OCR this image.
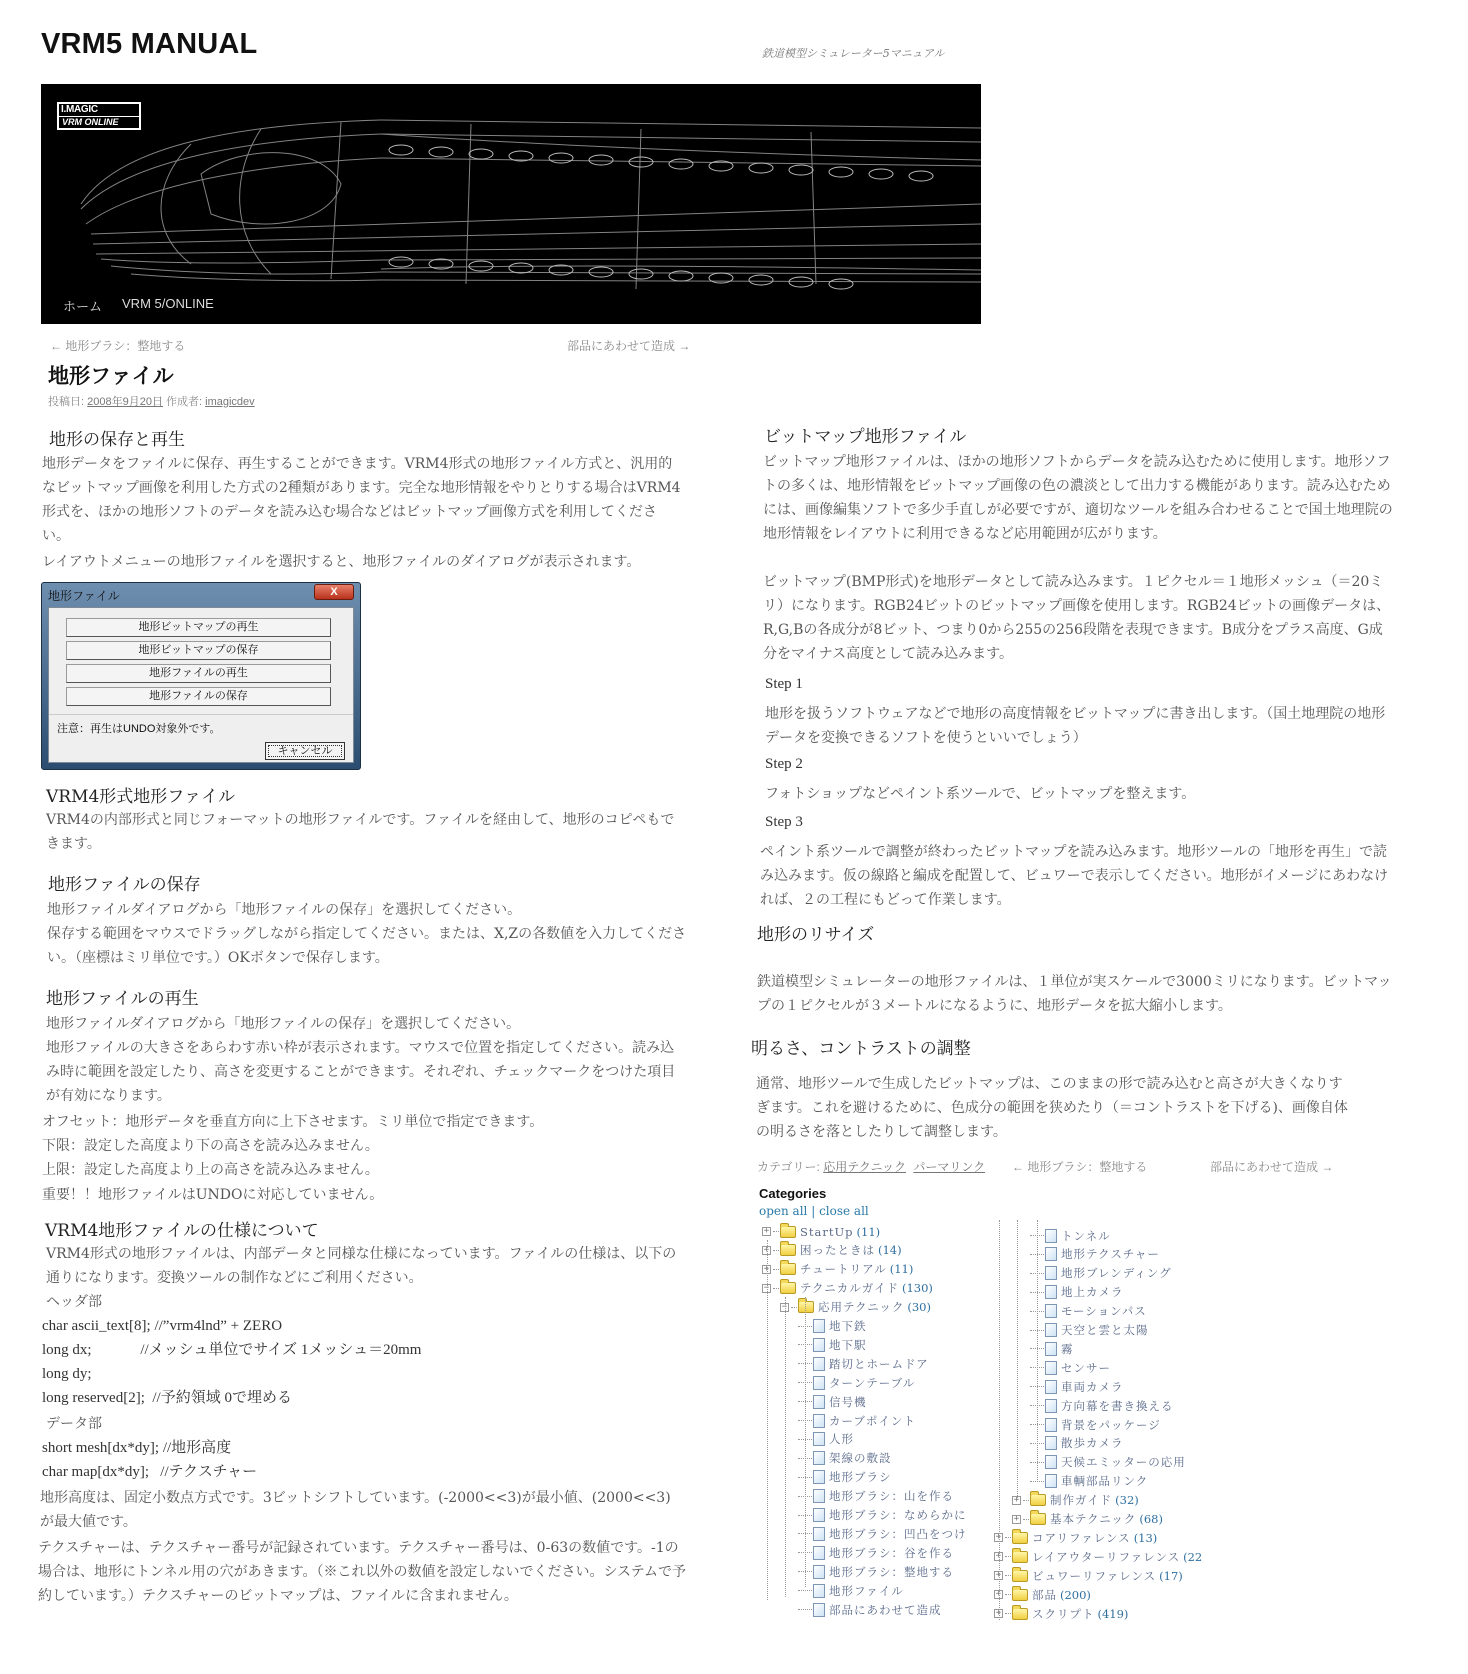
VRM5 MANUAL	鉄道模型シミュレーター5マニュアル
I.MAGIC
VRM ONLINE
ホーム VRM 5/ONLINE
← 地形ブラシ：整地する	部品にあわせて造成 →
地形ファイル
投稿日: 2008年9月20日 作成者: imagicdev
地形の保存と再生

地形データをファイルに保存、再生することができます。VRM4形式の地形ファイル方式と、汎用的なビットマップ画像を利用した方式の2種類があります。完全な地形情報をやりとりする場合はVRM4形式を、ほかの地形ソフトのデータを読み込む場合などはビットマップ画像方式を利用してください。

レイアウトメニューの地形ファイルを選択すると、地形ファイルのダイアログが表示されます。

地形ファイル	X
地形ビットマップの再生
地形ビットマップの保存
地形ファイルの再生
地形ファイルの保存
注意：再生はUNDO対象外です。
キャンセル
VRM4形式地形ファイル

VRM4の内部形式と同じフォーマットの地形ファイルです。ファイルを経由して、地形のコピペもできます。

地形ファイルの保存

地形ファイルダイアログから「地形ファイルの保存」を選択してください。

保存する範囲をマウスでドラッグしながら指定してください。または、X,Zの各数値を入力してください。（座標はミリ単位です。）OKボタンで保存します。

地形ファイルの再生

地形ファイルダイアログから「地形ファイルの保存」を選択してください。

地形ファイルの大きさをあらわす赤い枠が表示されます。マウスで位置を指定してください。読み込み時に範囲を設定したり、高さを変更することができます。それぞれ、チェックマークをつけた項目が有効になります。

オフセット：地形データを垂直方向に上下させます。ミリ単位で指定できます。

下限：設定した高度より下の高さを読み込みません。

上限：設定した高度より上の高さを読み込みません。

重要！！地形ファイルはUNDOに対応していません。

VRM4地形ファイルの仕様について

VRM4形式の地形ファイルは、内部データと同様な仕様になっています。ファイルの仕様は、以下の通りになります。変換ツールの制作などにご利用ください。

ヘッダ部
char ascii_text[8]; //”vrm4lnd” + ZERO
long dx;             //メッシュ単位でサイズ 1メッシュ＝20mm
long dy;
long reserved[2];  //予約領域 0で埋める
データ部
short mesh[dx*dy]; //地形高度
char map[dx*dy];   //テクスチャー

地形高度は、固定小数点方式です。3ビットシフトしています。(-2000<<3)が最小値、(2000<<3)が最大値です。

テクスチャーは、テクスチャー番号が記録されています。テクスチャー番号は、0-63の数値です。-1の場合は、地形にトンネル用の穴があきます。（※これ以外の数値を設定しないでください。システムで予約しています。）テクスチャーのビットマップは、ファイルに含まれません。

ビットマップ地形ファイル

ビットマップ地形ファイルは、ほかの地形ソフトからデータを読み込むために使用します。地形ソフトの多くは、地形情報をビットマップ画像の色の濃淡として出力する機能があります。読み込むためには、画像編集ソフトで多少手直しが必要ですが、適切なツールを組み合わせることで国土地理院の地形情報をレイアウトに利用できるなど応用範囲が広がります。

ビットマップ(BMP形式)を地形データとして読み込みます。１ピクセル＝１地形メッシュ（＝20ミリ）になります。RGB24ビットのビットマップ画像を使用します。RGB24ビットの画像データは、R,G,Bの各成分が8ビット、つまり0から255の256段階を表現できます。B成分をプラス高度、G成分をマイナス高度として読み込みます。

Step 1

地形を扱うソフトウェアなどで地形の高度情報をビットマップに書き出します。（国土地理院の地形データを変換できるソフトを使うといいでしょう）

Step 2

フォトショップなどペイント系ツールで、ビットマップを整えます。

Step 3

ペイント系ツールで調整が終わったビットマップを読み込みます。地形ツールの「地形を再生」で読み込みます。仮の線路と編成を配置して、ビュワーで表示してください。地形がイメージにあわなければ、２の工程にもどって作業します。

地形のリサイズ

鉄道模型シミュレーターの地形ファイルは、１単位が実スケールで3000ミリになります。ビットマップの１ピクセルが３メートルになるように、地形データを拡大縮小します。

明るさ、コントラストの調整

通常、地形ツールで生成したビットマップは、このままの形で読み込むと高さが大きくなりすぎます。これを避けるために、色成分の範囲を狭めたり（＝コントラストを下げる)、画像自体の明るさを落としたりして調整します。

カテゴリー: 応用テクニック パーマリンク ← 地形ブラシ：整地する	部品にあわせて造成 →
Categories
open all | close all
+	StartUp (11)
+	困ったときは (14)
+	チュートリアル (11)
−	テクニカルガイド (130)
−	応用テクニック (30)
地下鉄
地下駅
踏切とホームドア
ターンテーブル
信号機
カーブポイント
人形
架線の敷設
地形ブラシ
地形ブラシ：山を作る
地形ブラシ：なめらかに
地形ブラシ：凹凸をつけ
地形ブラシ：谷を作る
地形ブラシ：整地する
地形ファイル
部品にあわせて造成
トンネル
地形テクスチャー
地形ブレンディング
地上カメラ
モーションパス
天空と雲と太陽
霧
センサー
車両カメラ
方向幕を書き換える
背景をパッケージ
散歩カメラ
天候エミッターの応用
車輌部品リンク
+	制作ガイド (32)
+	基本テクニック (68)
+	コアリファレンス (13)
+	レイアウターリファレンス (22
+	ビュワーリファレンス (17)
+	部品 (200)
+	スクリプト (419)
